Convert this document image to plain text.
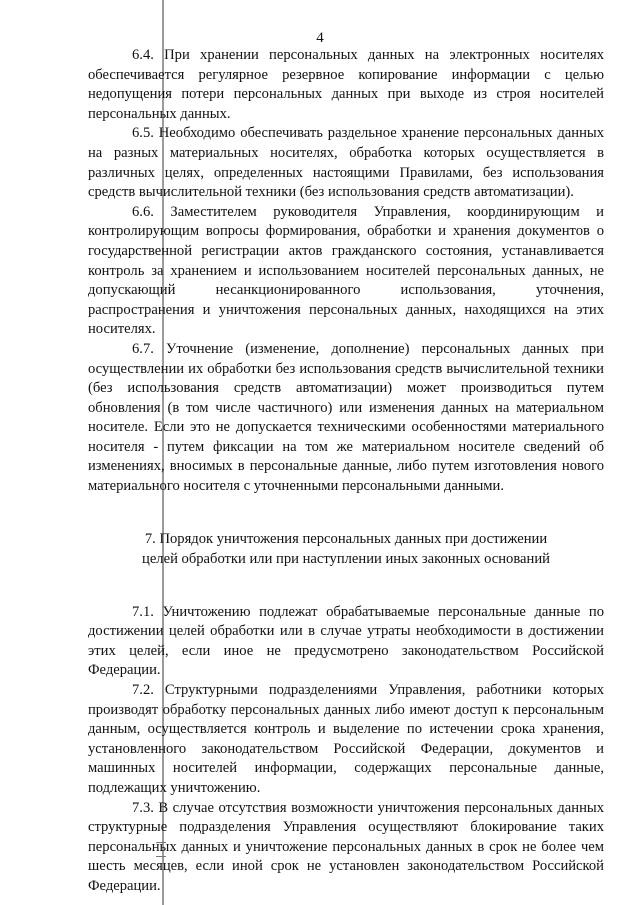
4

6.4. При хранении персональных данных на электронных носителях обеспечивается регулярное резервное копирование информации с целью недопущения потери персональных данных при выходе из строя носителей персональных данных.

6.5. Необходимо обеспечивать раздельное хранение персональных данных на разных материальных носителях, обработка которых осуществляется в различных целях, определенных настоящими Правилами, без использования средств вычислительной техники (без использования средств автоматизации).

6.6. Заместителем руководителя Управления, координирующим и контролирующим вопросы формирования, обработки и хранения документов о государственной регистрации актов гражданского состояния, устанавливается контроль за хранением и использованием носителей персональных данных, не допускающий несанкционированного использования, уточнения, распространения и уничтожения персональных данных, находящихся на этих носителях.

6.7. Уточнение (изменение, дополнение) персональных данных при осуществлении их обработки без использования средств вычислительной техники (без использования средств автоматизации) может производиться путем обновления (в том числе частичного) или изменения данных на материальном носителе. Если это не допускается техническими особенностями материального носителя - путем фиксации на том же материальном носителе сведений об изменениях, вносимых в персональные данные, либо путем изготовления нового материального носителя с уточненными персональными данными.

7. Порядок уничтожения персональных данных при достижении
целей обработки или при наступлении иных законных оснований

7.1. Уничтожению подлежат обрабатываемые персональные данные по достижении целей обработки или в случае утраты необходимости в достижении этих целей, если иное не предусмотрено законодательством Российской Федерации.

7.2. Структурными подразделениями Управления, работники которых производят обработку персональных данных либо имеют доступ к персональным данным, осуществляется контроль и выделение по истечении срока хранения, установленного законодательством Российской Федерации, документов и машинных носителей информации, содержащих персональные данные, подлежащих уничтожению.

7.3. В случае отсутствия возможности уничтожения персональных данных структурные подразделения Управления осуществляют блокирование таких персональных данных и уничтожение персональных данных в срок не более чем шесть месяцев, если иной срок не установлен законодательством Российской Федерации.
